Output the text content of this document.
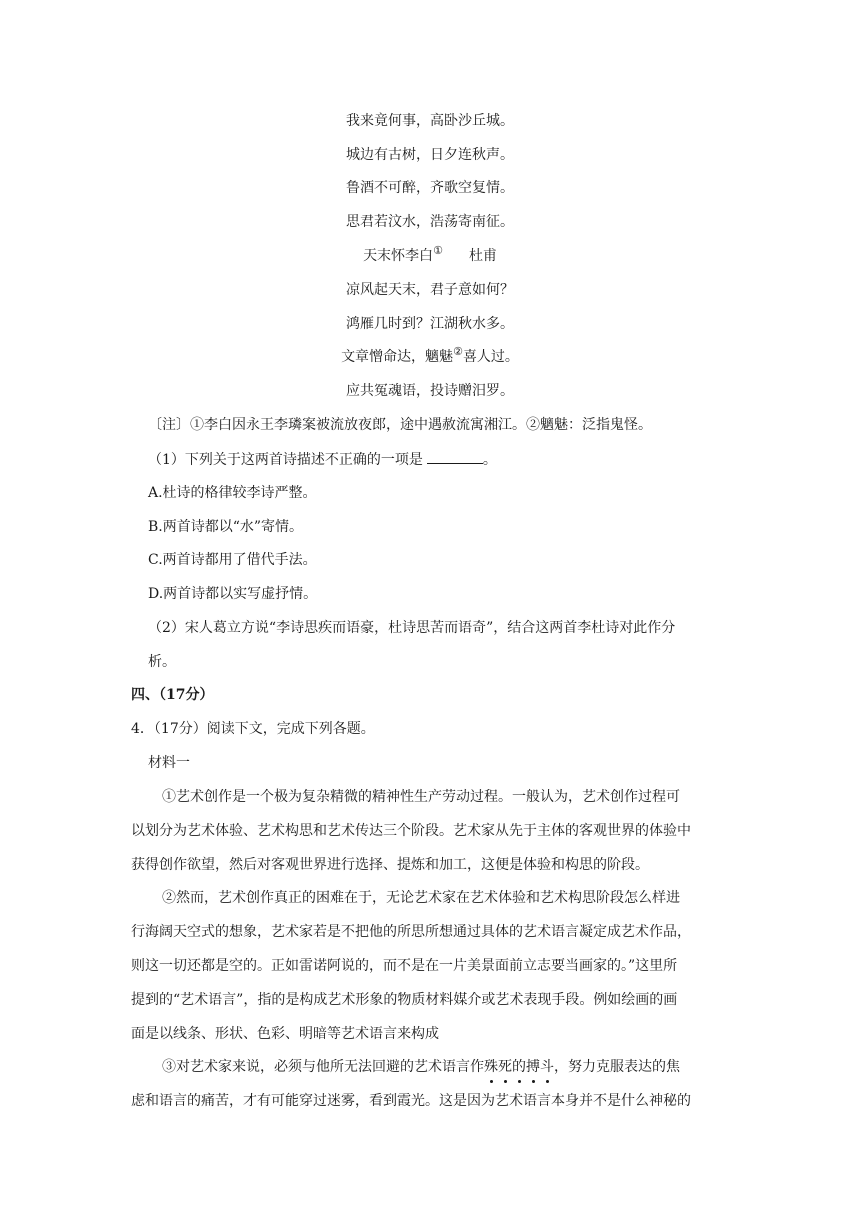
我来竟何事，高卧沙丘城。
城边有古树，日夕连秋声。
鲁酒不可醉，齐歌空复情。
思君若汶水，浩荡寄南征。
天末怀李白① 杜甫
凉风起天末，君子意如何？
鸿雁几时到？江湖秋水多。
文章憎命达，魑魅②喜人过。
应共冤魂语，投诗赠汨罗。
〔注〕①李白因永王李璘案被流放夜郎，途中遇赦流寓湘江。②魑魅：泛指鬼怪。
（1）下列关于这两首诗描述不正确的一项是	。
A.杜诗的格律较李诗严整。
B.两首诗都以“水”寄情。
C.两首诗都用了借代手法。
D.两首诗都以实写虚抒情。
（2）宋人葛立方说“李诗思疾而语豪，杜诗思苦而语奇”，结合这两首李杜诗对此作分
析。
四、（17分）
4．（17分）阅读下文，完成下列各题。
材料一
①艺术创作是一个极为复杂精微的精神性生产劳动过程。一般认为，艺术创作过程可
以划分为艺术体验、艺术构思和艺术传达三个阶段。艺术家从先于主体的客观世界的体验中
获得创作欲望，然后对客观世界进行选择、提炼和加工，这便是体验和构思的阶段。
②然而，艺术创作真正的困难在于，无论艺术家在艺术体验和艺术构思阶段怎么样进
行海阔天空式的想象，艺术家若是不把他的所思所想通过具体的艺术语言凝定成艺术作品，
则这一切还都是空的。正如雷诺阿说的，而不是在一片美景面前立志要当画家的。”这里所
提到的“艺术语言”，指的是构成艺术形象的物质材料媒介或艺术表现手段。例如绘画的画
面是以线条、形状、色彩、明暗等艺术语言来构成
③对艺术家来说，必须与他所无法回避的艺术语言作殊死的搏斗，努力克服表达的焦
虑和语言的痛苦，才有可能穿过迷雾，看到霞光。这是因为艺术语言本身并不是什么神秘的
